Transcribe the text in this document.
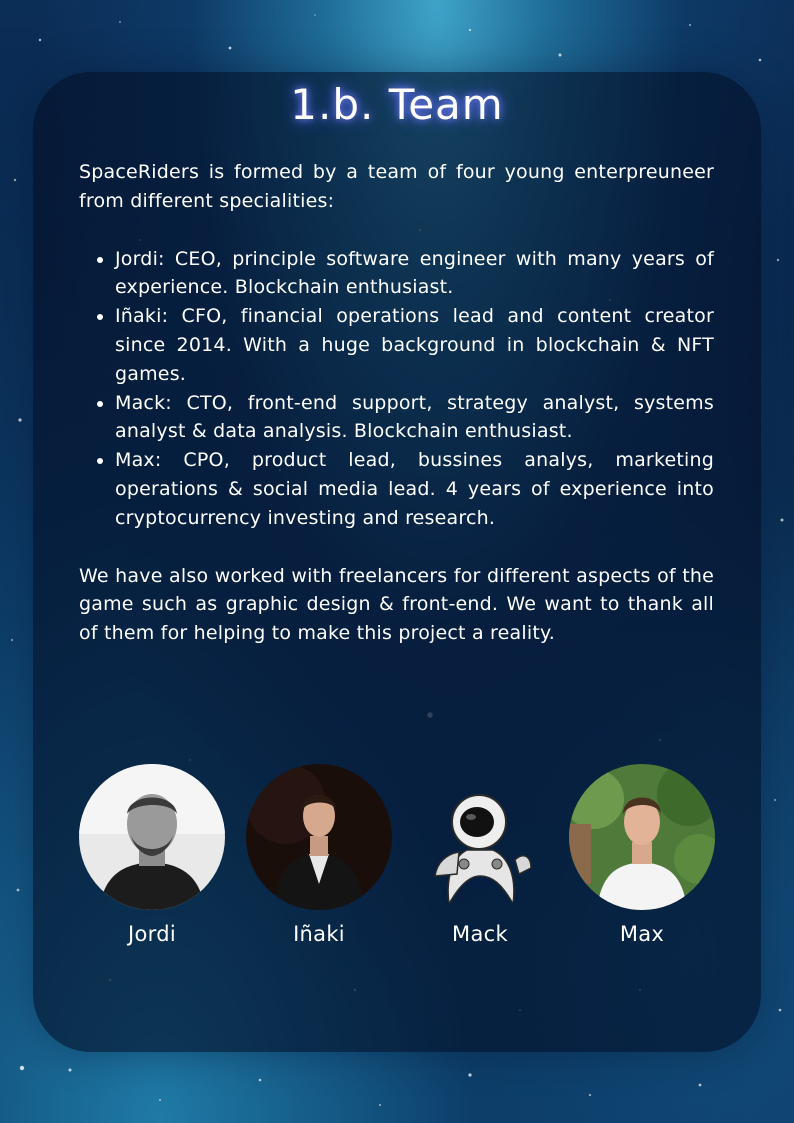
1.b. Team

SpaceRiders is formed by a team of four young enterpreuneer from different specialities:

• Jordi: CEO, principle software engineer with many years of experience. Blockchain enthusiast.
• Iñaki: CFO, financial operations lead and content creator since 2014. With a huge background in blockchain & NFT games.
• Mack: CTO, front-end support, strategy analyst, systems analyst & data analysis. Blockchain enthusiast.
• Max: CPO, product lead, bussines analys, marketing operations & social media lead. 4 years of experience into cryptocurrency investing and research.

We have also worked with freelancers for different aspects of the game such as graphic design & front-end. We want to thank all of them for helping to make this project a reality.

Jordi	Iñaki	Mack	Max
